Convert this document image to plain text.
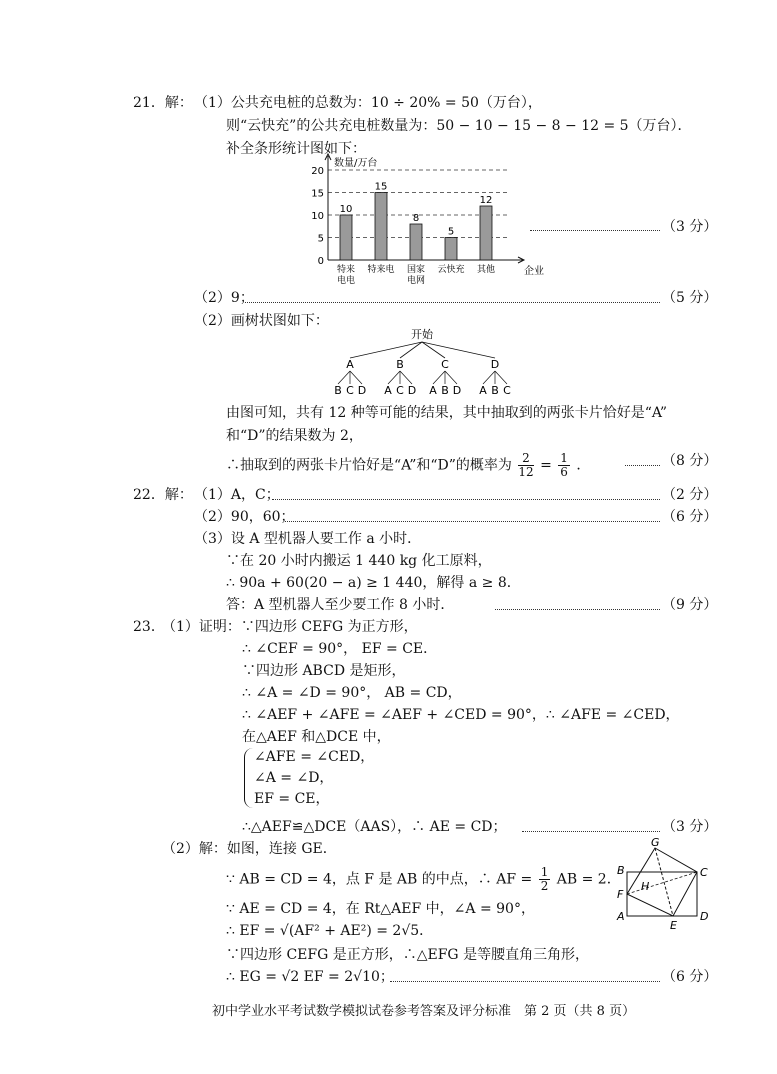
21．解： （1）公共充电桩的总数为：10 ÷ 20% = 50（万台），
则“云快充”的公共充电桩数量为：50 − 10 − 15 − 8 − 12 = 5（万台）．
补全条形统计图如下：
0
5
10
15
20
数量/万台
企业
10
特来
电电
15
特来电
8
国家
电网
5
云快充
12
其他
（3 分）
（2）9；	（5 分）
（2）画树状图如下：
开始
A
B C D
B
A C D
C
A B D
D
A B C
由图可知，共有 12 种等可能的结果，其中抽取到的两张卡片恰好是“A”
和“D”的结果数为 2，
∴抽取到的两张卡片恰好是“A”和“D”的概率为 $\frac{2}{12} = \frac{1}{6}$ ．	（8 分）
22．解： （1）A，C；	（2 分）
（2）90，60；	（6 分）
（3）设 A 型机器人要工作 a 小时．
∵在 20 小时内搬运 1 440 kg 化工原料，
∴ 90a + 60(20 − a) ≥ 1 440，解得 a ≥ 8．
答：A 型机器人至少要工作 8 小时．	（9 分）
23．
（1）证明：∵四边形 CEFG 为正方形，
∴ ∠CEF = 90°， EF = CE．
∵四边形 ABCD 是矩形，
∴ ∠A = ∠D = 90°， AB = CD，
∴ ∠AEF + ∠AFE = ∠AEF + ∠CED = 90°，∴ ∠AFE = ∠CED，
在△AEF 和△DCE 中，
∠AFE = ∠CED，
∠A = ∠D，
EF = CE，
∴△AEF≌△DCE（AAS），∴ AE = CD；	（3 分）
（2）解：如图，连接 GE．
∵ AB = CD = 4，点 F 是 AB 的中点，∴ AF = $\frac{1}{2}$ AB = 2．
∵ AE = CD = 4，在 Rt△AEF 中，∠A = 90°，
∴ EF = √(AF² + AE²) = 2√5．
∵四边形 CEFG 是正方形，∴△EFG 是等腰直角三角形，
∴ EG = √2 EF = 2√10；	（6 分）
G
B	C
F
H
A
E
D
初中学业水平考试数学模拟试卷参考答案及评分标准　第 2 页（共 8 页）
